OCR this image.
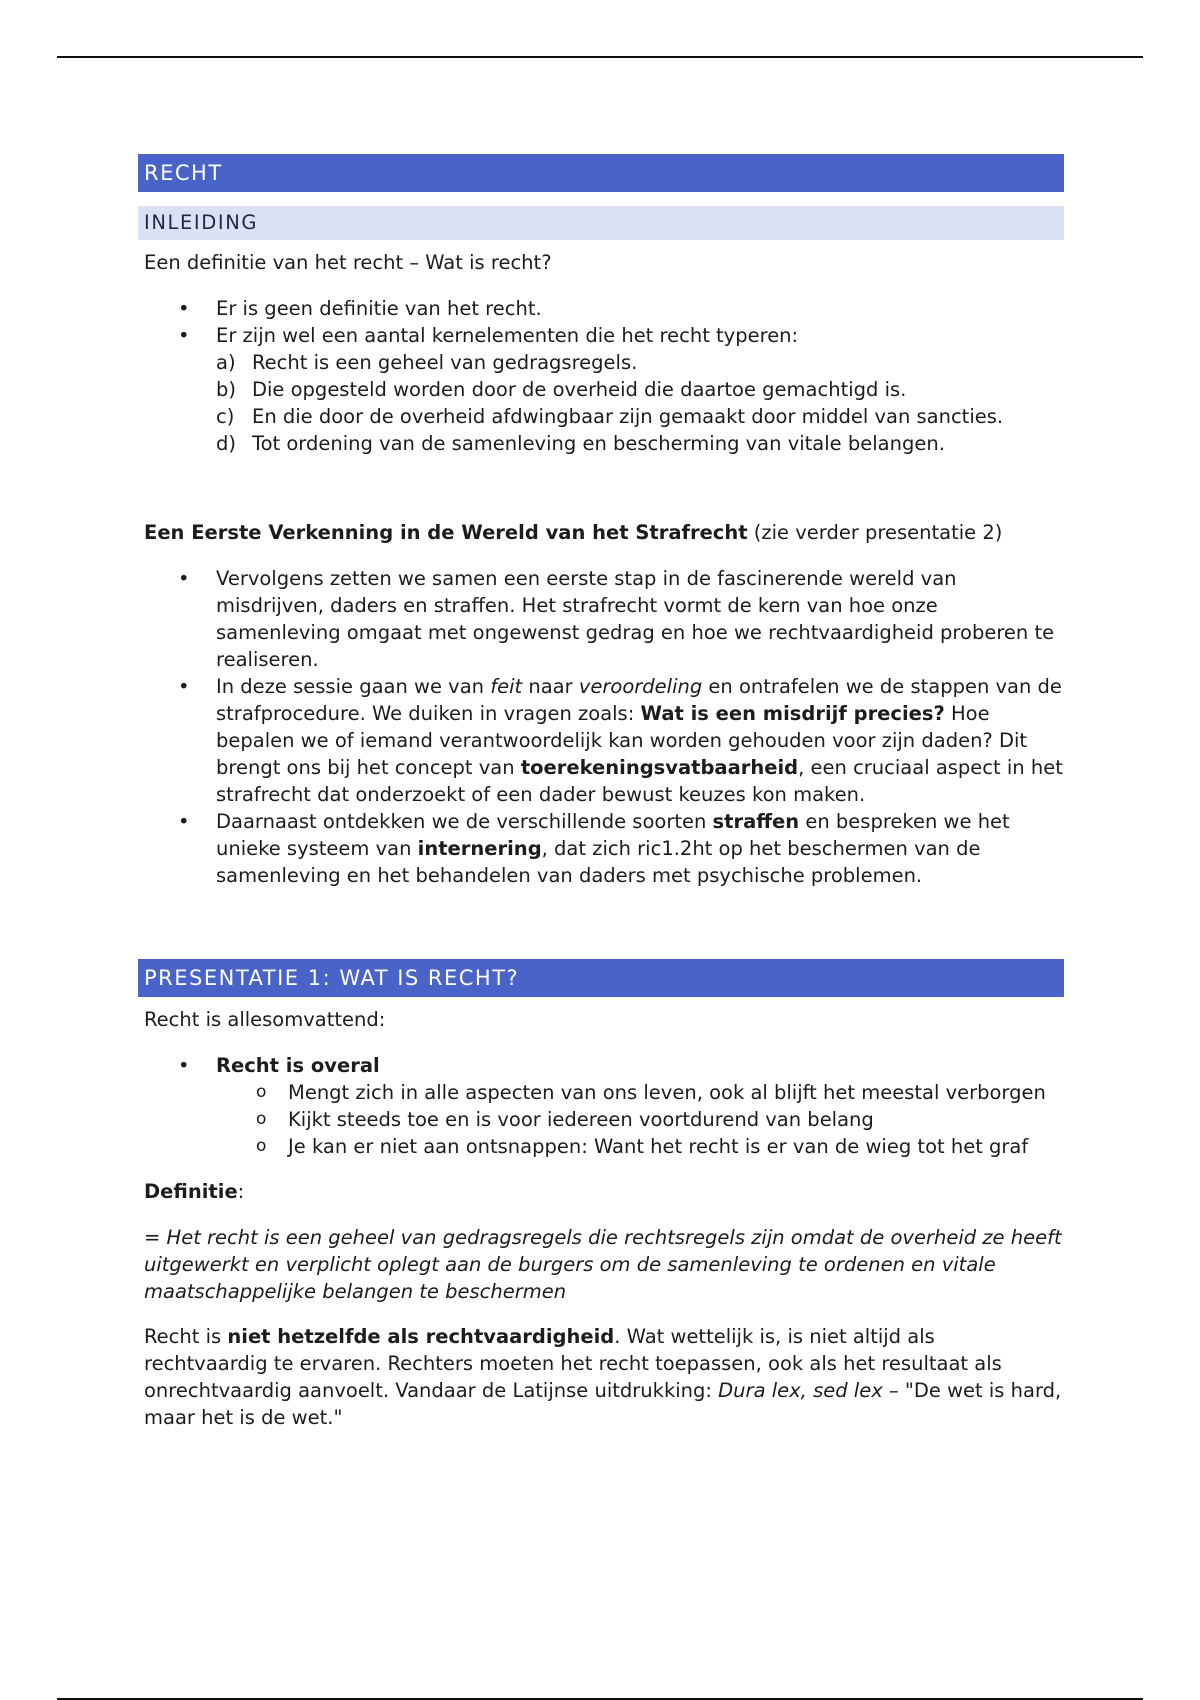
RECHT
INLEIDING

Een definitie van het recht – Wat is recht?

• Er is geen definitie van het recht.
• Er zijn wel een aantal kernelementen die het recht typeren:
a) Recht is een geheel van gedragsregels.
b) Die opgesteld worden door de overheid die daartoe gemachtigd is.
c) En die door de overheid afdwingbaar zijn gemaakt door middel van sancties.
d) Tot ordening van de samenleving en bescherming van vitale belangen.

Een Eerste Verkenning in de Wereld van het Strafrecht (zie verder presentatie 2)

• Vervolgens zetten we samen een eerste stap in de fascinerende wereld van misdrijven, daders en straffen. Het strafrecht vormt de kern van hoe onze samenleving omgaat met ongewenst gedrag en hoe we rechtvaardigheid proberen te realiseren.
• In deze sessie gaan we van feit naar veroordeling en ontrafelen we de stappen van de strafprocedure. We duiken in vragen zoals: Wat is een misdrijf precies? Hoe bepalen we of iemand verantwoordelijk kan worden gehouden voor zijn daden? Dit brengt ons bij het concept van toerekeningsvatbaarheid, een cruciaal aspect in het strafrecht dat onderzoekt of een dader bewust keuzes kon maken.
• Daarnaast ontdekken we de verschillende soorten straffen en bespreken we het unieke systeem van internering, dat zich ric1.2ht op het beschermen van de samenleving en het behandelen van daders met psychische problemen.
PRESENTATIE 1: WAT IS RECHT?

Recht is allesomvattend:

• Recht is overal
o Mengt zich in alle aspecten van ons leven, ook al blijft het meestal verborgen
o Kijkt steeds toe en is voor iedereen voortdurend van belang
o Je kan er niet aan ontsnappen: Want het recht is er van de wieg tot het graf

Definitie:

= Het recht is een geheel van gedragsregels die rechtsregels zijn omdat de overheid ze heeft uitgewerkt en verplicht oplegt aan de burgers om de samenleving te ordenen en vitale maatschappelijke belangen te beschermen

Recht is niet hetzelfde als rechtvaardigheid. Wat wettelijk is, is niet altijd als rechtvaardig te ervaren. Rechters moeten het recht toepassen, ook als het resultaat als onrechtvaardig aanvoelt. Vandaar de Latijnse uitdrukking: Dura lex, sed lex – "De wet is hard, maar het is de wet."
